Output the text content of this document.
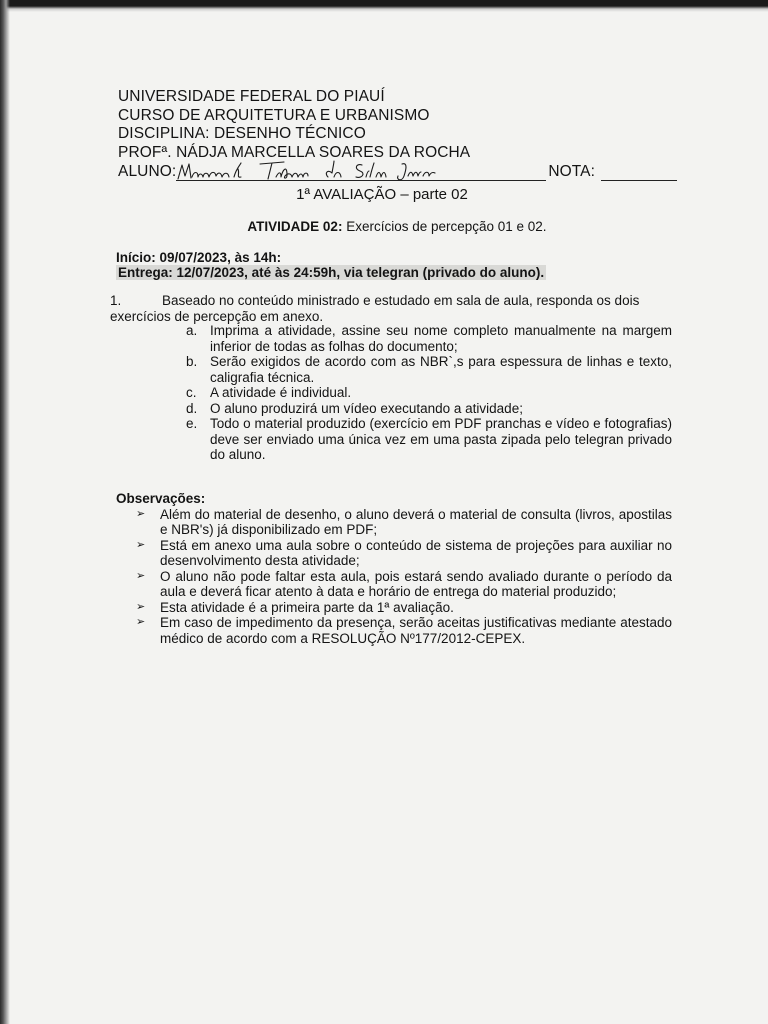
UNIVERSIDADE FEDERAL DO PIAUÍ
CURSO DE ARQUITETURA E URBANISMO
DISCIPLINA: DESENHO TÉCNICO
PROFª. NÁDJA MARCELLA SOARES DA ROCHA
ALUNO:	NOTA:
1ª AVALIAÇÃO – parte 02
ATIVIDADE 02: Exercícios de percepção 01 e 02.
Início: 09/07/2023, às 14h:
Entrega: 12/07/2023, até às 24:59h, via telegran (privado do aluno).
1.	Baseado no conteúdo ministrado e estudado em sala de aula, responda os dois exercícios de percepção em anexo.
a. Imprima a atividade, assine seu nome completo manualmente na margem inferior de todas as folhas do documento;
b. Serão exigidos de acordo com as NBR`,s para espessura de linhas e texto, caligrafia técnica.
c. A atividade é individual.
d. O aluno produzirá um vídeo executando a atividade;
e. Todo o material produzido (exercício em PDF pranchas e vídeo e fotografias) deve ser enviado uma única vez em uma pasta zipada pelo telegran privado do aluno.
Observações:
➢	Além do material de desenho, o aluno deverá o material de consulta (livros, apostilas e NBR's) já disponibilizado em PDF;
➢	Está em anexo uma aula sobre o conteúdo de sistema de projeções para auxiliar no desenvolvimento desta atividade;
➢	O aluno não pode faltar esta aula, pois estará sendo avaliado durante o período da aula e deverá ficar atento à data e horário de entrega do material produzido;
➢	Esta atividade é a primeira parte da 1ª avaliação.
➢	Em caso de impedimento da presença, serão aceitas justificativas mediante atestado médico de acordo com a RESOLUÇÃO Nº177/2012-CEPEX.
